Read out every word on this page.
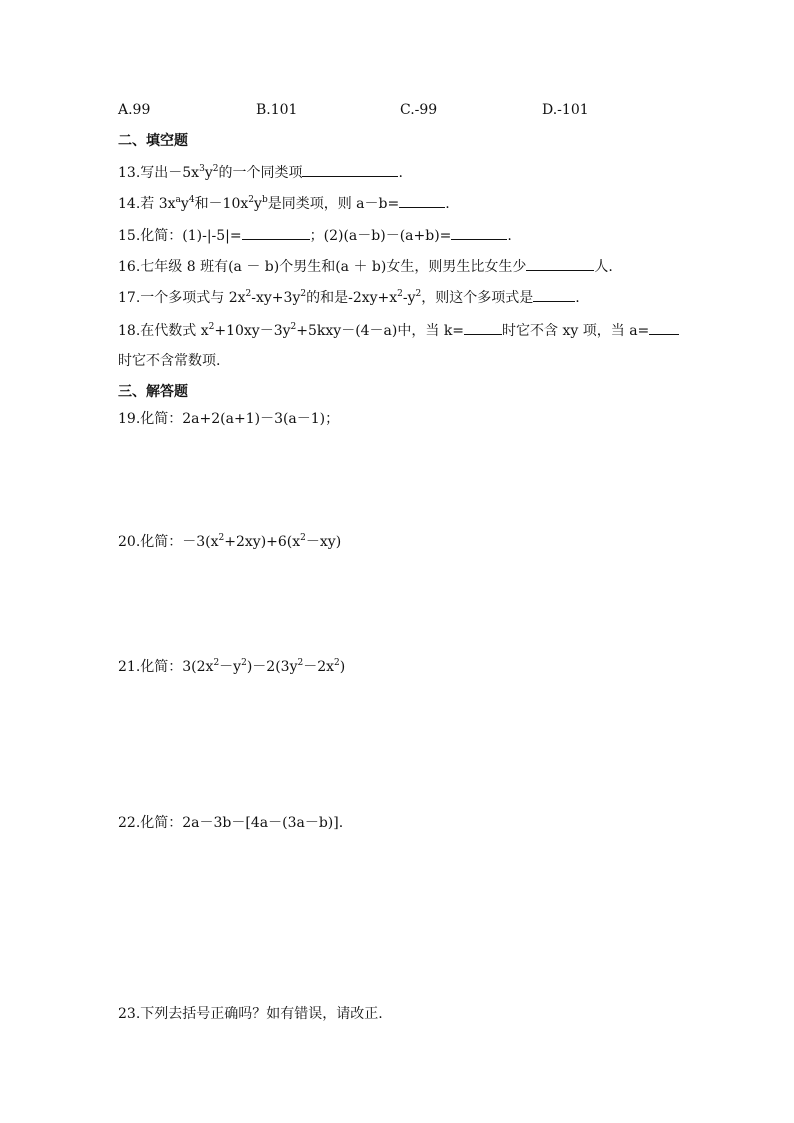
A.99	B.101	C.-99	D.-101
二、填空题
13.写出$-5x^3y^2$的一个同类项	.
14.若 $3x^ay^4$和$-10x^2y^b$是同类项，则 a－b=	.
15.化简：(1)-|-5|=	；(2)(a－b)－(a+b)=	.
16.七年级 8 班有(a － b)个男生和(a ＋ b)女生，则男生比女生少	人.
17.一个多项式与 $2x^2-xy+3y^2$的和是$-2xy+x^2-y^2$，则这个多项式是	.
18.在代数式 $x^2+10xy-3y^2+5kxy-(4-a)$中，当 k=	时它不含 xy 项，当 a=
时它不含常数项.
三、解答题
19.化简：2a+2(a+1)－3(a－1)；
20.化简：$-3(x^2+2xy)+6(x^2-xy)$
21.化简：$3(2x^2-y^2)-2(3y^2-2x^2)$
22.化简：2a－3b－[4a－(3a－b)].
23.下列去括号正确吗？如有错误，请改正.
